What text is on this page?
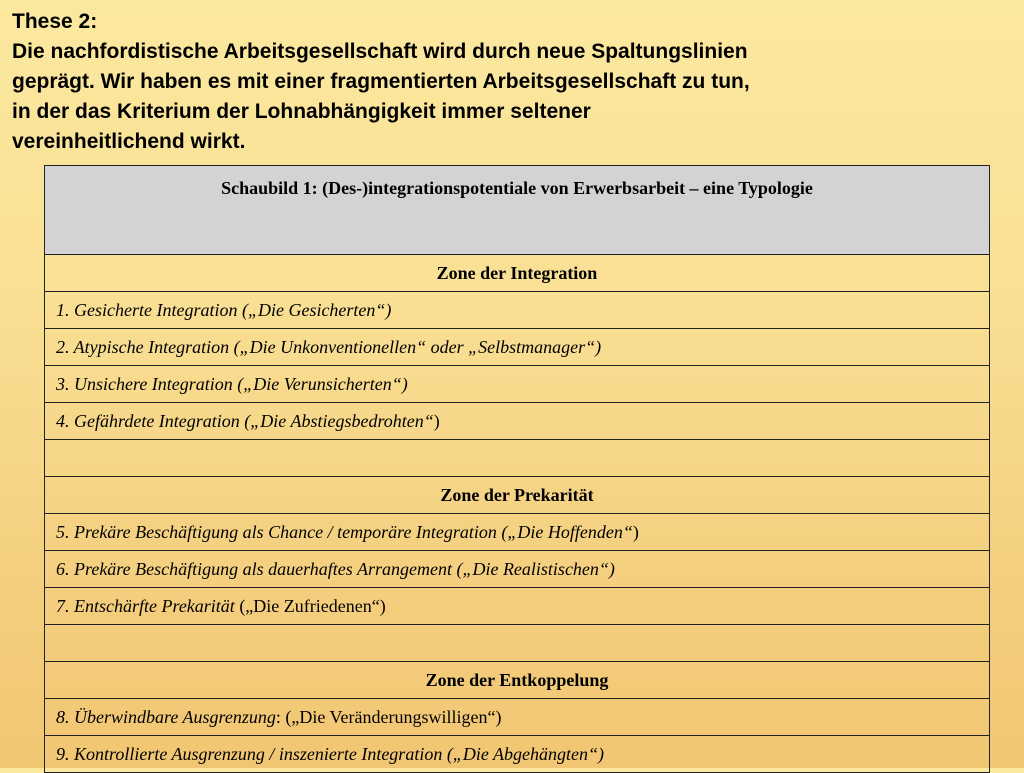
These 2:
Die nachfordistische Arbeitsgesellschaft wird durch neue Spaltungslinien
geprägt. Wir haben es mit einer fragmentierten Arbeitsgesellschaft zu tun,
in der das Kriterium der Lohnabhängigkeit immer seltener
vereinheitlichend wirkt.
Schaubild 1: (Des-)integrationspotentiale von Erwerbsarbeit – eine Typologie
Zone der Integration
1. Gesicherte Integration („Die Gesicherten“)
2. Atypische Integration („Die Unkonventionellen“ oder „Selbstmanager“)
3. Unsichere Integration („Die Verunsicherten“)
4. Gefährdete Integration („Die Abstiegsbedrohten“)

Zone der Prekarität
5. Prekäre Beschäftigung als Chance / temporäre Integration („Die Hoffenden“)
6. Prekäre Beschäftigung als dauerhaftes Arrangement („Die Realistischen“)
7. Entschärfte Prekarität („Die Zufriedenen“)

Zone der Entkoppelung
8. Überwindbare Ausgrenzung: („Die Veränderungswilligen“)
9. Kontrollierte Ausgrenzung / inszenierte Integration („Die Abgehängten“)
